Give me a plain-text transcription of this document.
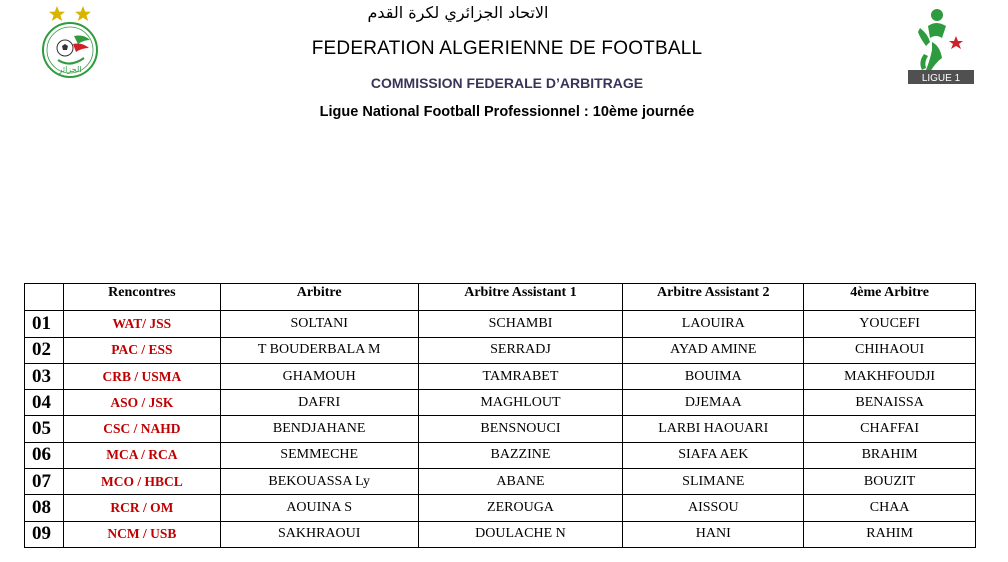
الجزائر
LIGUE 1
الاتحاد الجزائري لكرة القدم
FEDERATION ALGERIENNE DE FOOTBALL
COMMISSION FEDERALE D’ARBITRAGE
Ligue National Football Professionnel : 10ème journée
	Rencontres	Arbitre	Arbitre Assistant 1	Arbitre Assistant 2	4ème Arbitre
01	WAT/ JSS	SOLTANI	SCHAMBI	LAOUIRA	YOUCEFI
02	PAC / ESS	T BOUDERBALA M	SERRADJ	AYAD AMINE	CHIHAOUI
03	CRB / USMA	GHAMOUH	TAMRABET	BOUIMA	MAKHFOUDJI
04	ASO / JSK	DAFRI	MAGHLOUT	DJEMAA	BENAISSA
05	CSC / NAHD	BENDJAHANE	BENSNOUCI	LARBI HAOUARI	CHAFFAI
06	MCA / RCA	SEMMECHE	BAZZINE	SIAFA AEK	BRAHIM
07	MCO / HBCL	BEKOUASSA Ly	ABANE	SLIMANE	BOUZIT
08	RCR / OM	AOUINA S	ZEROUGA	AISSOU	CHAA
09	NCM / USB	SAKHRAOUI	DOULACHE N	HANI	RAHIM
